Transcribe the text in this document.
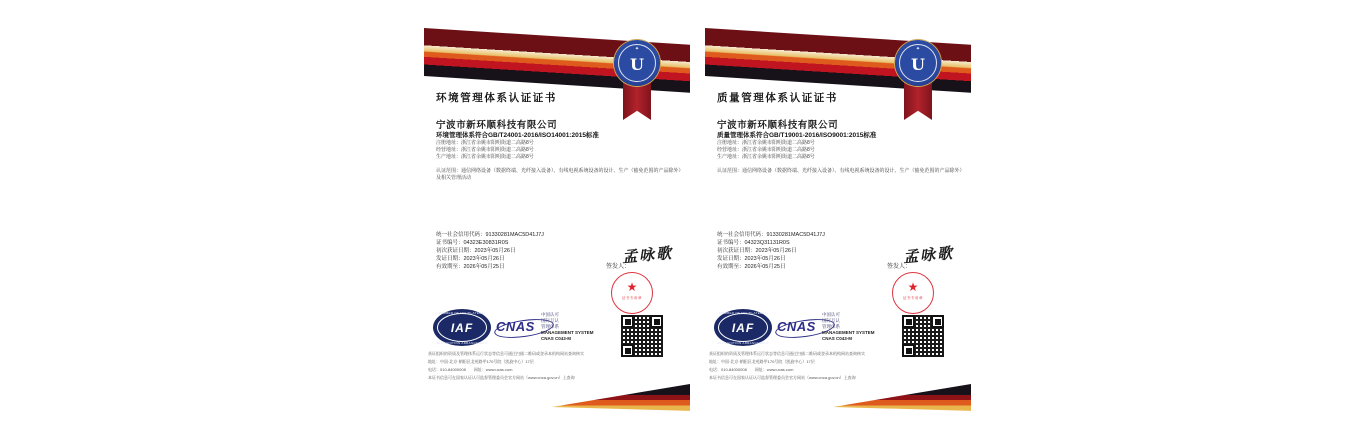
✦
U
环境管理体系认证证书
宁波市新环顺科技有限公司
环境管理体系符合GB/T24001-2016/ISO14001:2015标准
注册地址：浙江省余姚市阳明街道二高路8号
经营地址：浙江省余姚市阳明街道二高路8号
生产地址：浙江省余姚市阳明街道二高路8号
认证范围：通信网络设备（数据终端、光纤接入设备）、有线电视系统设备的设计、生产（豁免范围的产品除外）及相关管理活动
统一社会信用代码：91330281MAC5D41J7J
证书编号：04323E30831R0S
初次获证日期：2023年05月26日
发证日期：2023年05月26日
有效期至：2026年05月25日	签发人：
孟咏歌
★
证书专用章
MEMBER OF MULTILATERAL
IAF
RECOGNITION ARRANGEMENT
CNAS
中国认可
国际互认
管理体系
MANAGEMENT SYSTEM
CNAS C043-M
获证组织的资质及管理体系运行状态等信息可通过扫描二维码或登录本机构网站查询核实
地址：中国·北京·朝阳区北苑路甲170号院（凯旋中心）17层
电话：010-84000008　　网址：www.ucas.com
本证书信息可在国家认证认可监督管理委员会官方网站（www.cnca.gov.cn）上查询
✦
U
质量管理体系认证证书
宁波市新环顺科技有限公司
质量管理体系符合GB/T19001-2016/ISO9001:2015标准
注册地址：浙江省余姚市阳明街道二高路8号
经营地址：浙江省余姚市阳明街道二高路8号
生产地址：浙江省余姚市阳明街道二高路8号
认证范围：通信网络设备（数据终端、光纤接入设备）、有线电视系统设备的设计、生产（豁免范围的产品除外）
统一社会信用代码：91330281MAC5D41J7J
证书编号：04323Q31131R0S
初次获证日期：2023年05月26日
发证日期：2023年05月26日
有效期至：2026年05月25日	签发人：
孟咏歌
★
证书专用章
MEMBER OF MULTILATERAL
IAF
RECOGNITION ARRANGEMENT
CNAS
中国认可
国际互认
管理体系
MANAGEMENT SYSTEM
CNAS C043-M
获证组织的资质及管理体系运行状态等信息可通过扫描二维码或登录本机构网站查询核实
地址：中国·北京·朝阳区北苑路甲170号院（凯旋中心）17层
电话：010-84000008　　网址：www.ucas.com
本证书信息可在国家认证认可监督管理委员会官方网站（www.cnca.gov.cn）上查询
